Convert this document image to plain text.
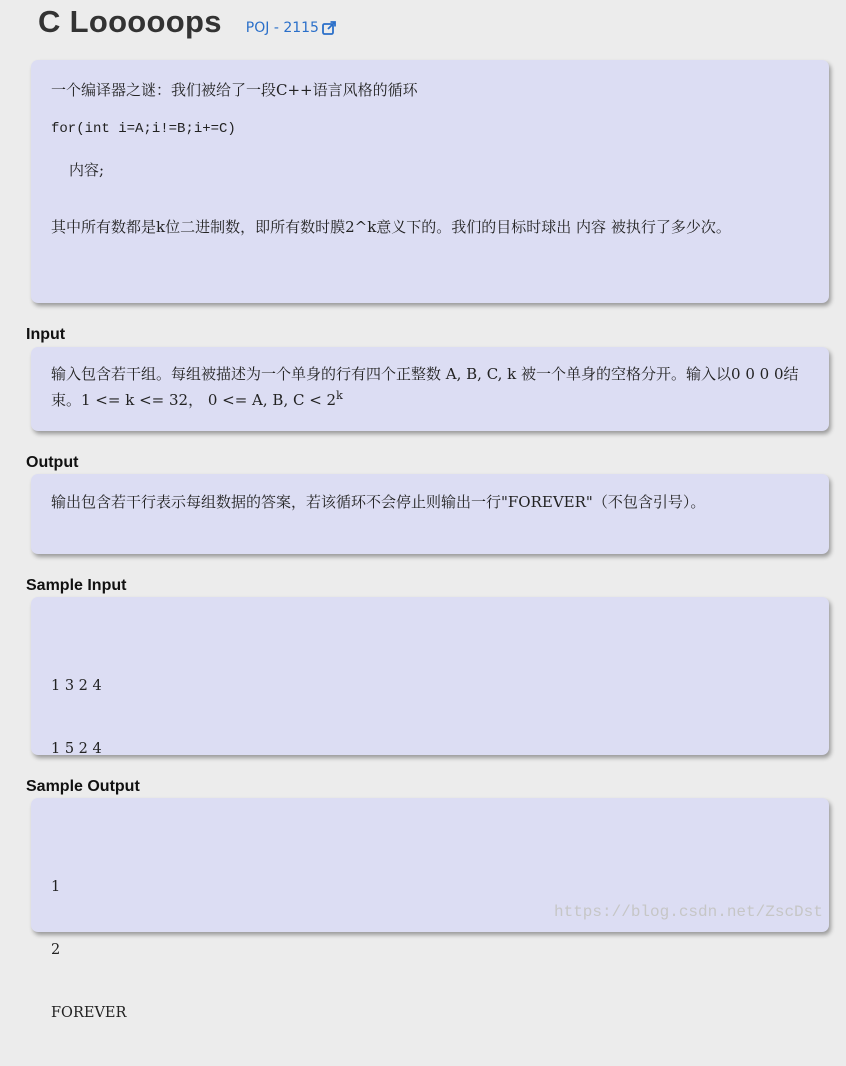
C Looooops POJ - 2115

一个编译器之谜：我们被给了一段C++语言风格的循环

for(int i=A;i!=B;i+=C)

内容;

其中所有数都是k位二进制数，即所有数时膜2^k意义下的。我们的目标时球出 内容 被执行了多少次。

Input

输入包含若干组。每组被描述为一个单身的行有四个正整数 A, B, C, k 被一个单身的空格分开。输入以0 0 0 0结束。1 <= k <= 32， 0 <= A, B, $C < 2^k$

Output

输出包含若干行表示每组数据的答案，若该循环不会停止则输出一行"FOREVER"（不包含引号）。

Sample Input

1 3 2 4

1 5 2 4

Sample Output

1

2

FOREVER

https://blog.csdn.net/ZscDst
